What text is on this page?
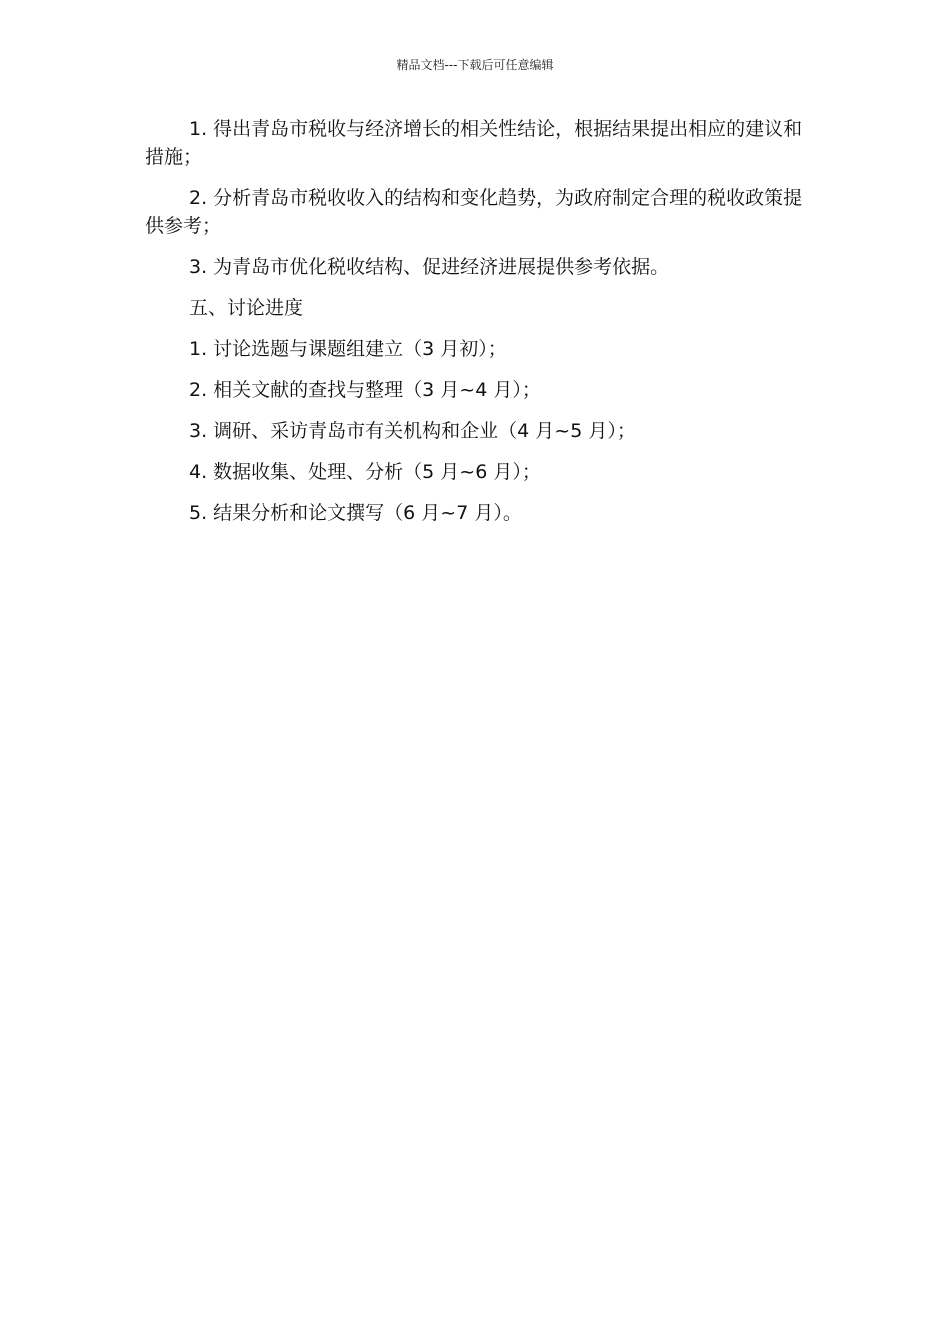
精品文档---下载后可任意编辑

1. 得出青岛市税收与经济增长的相关性结论，根据结果提出相应的建议和措施；

2. 分析青岛市税收收入的结构和变化趋势，为政府制定合理的税收政策提供参考；

3. 为青岛市优化税收结构、促进经济进展提供参考依据。

五、讨论进度

1. 讨论选题与课题组建立（3 月初）；

2. 相关文献的查找与整理（3 月~4 月）；

3. 调研、采访青岛市有关机构和企业（4 月~5 月）；

4. 数据收集、处理、分析（5 月~6 月）；

5. 结果分析和论文撰写（6 月~7 月）。
